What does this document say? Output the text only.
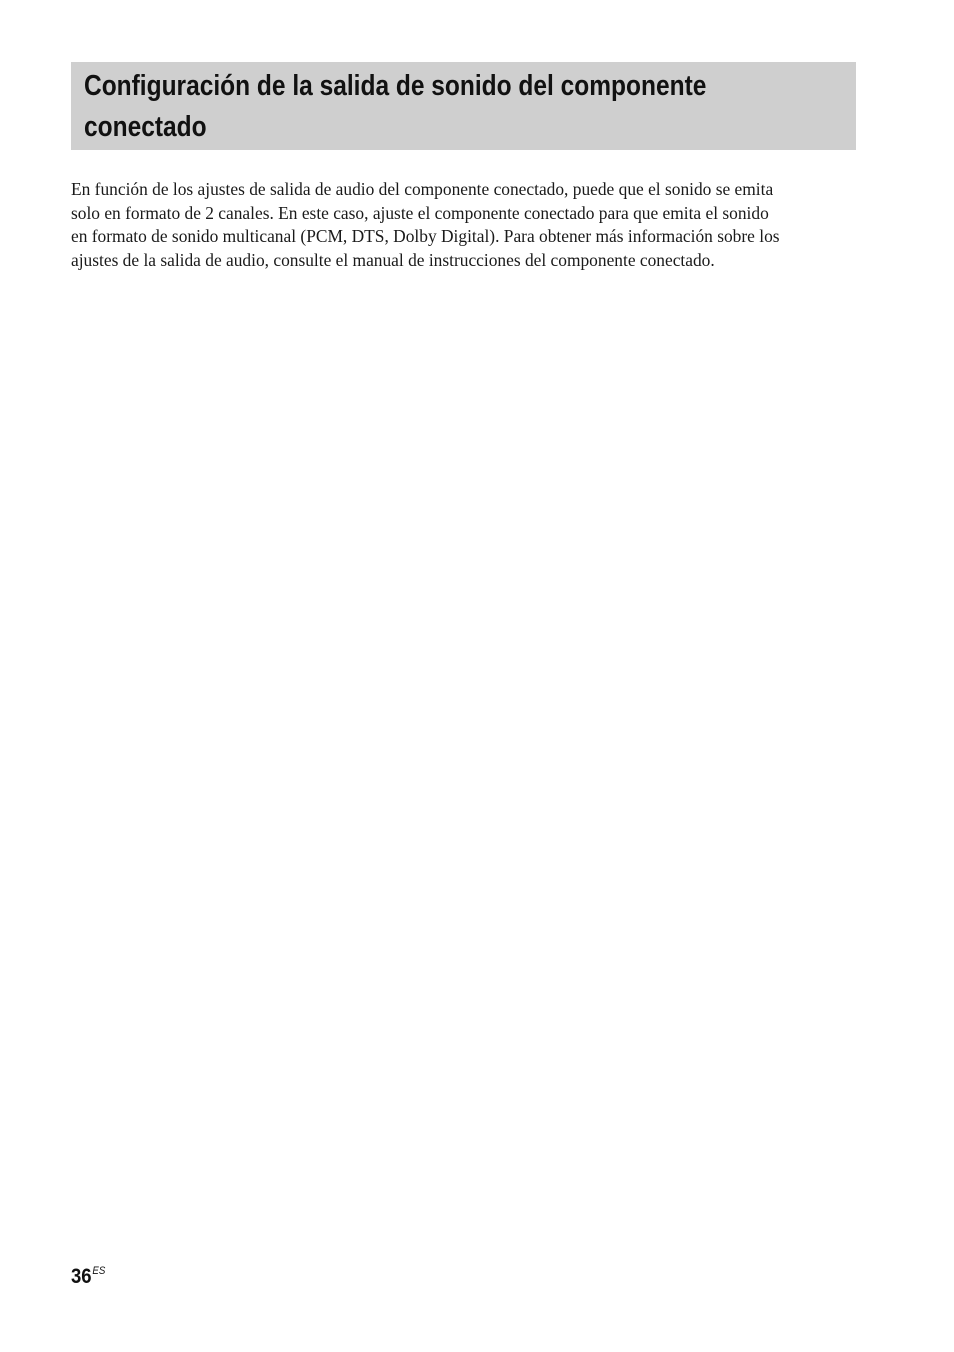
Configuración de la salida de sonido del componente
conectado

En función de los ajustes de salida de audio del componente conectado, puede que el sonido se emita
solo en formato de 2 canales. En este caso, ajuste el componente conectado para que emita el sonido
en formato de sonido multicanal (PCM, DTS, Dolby Digital). Para obtener más información sobre los
ajustes de la salida de audio, consulte el manual de instrucciones del componente conectado.

$36^{ES}$
